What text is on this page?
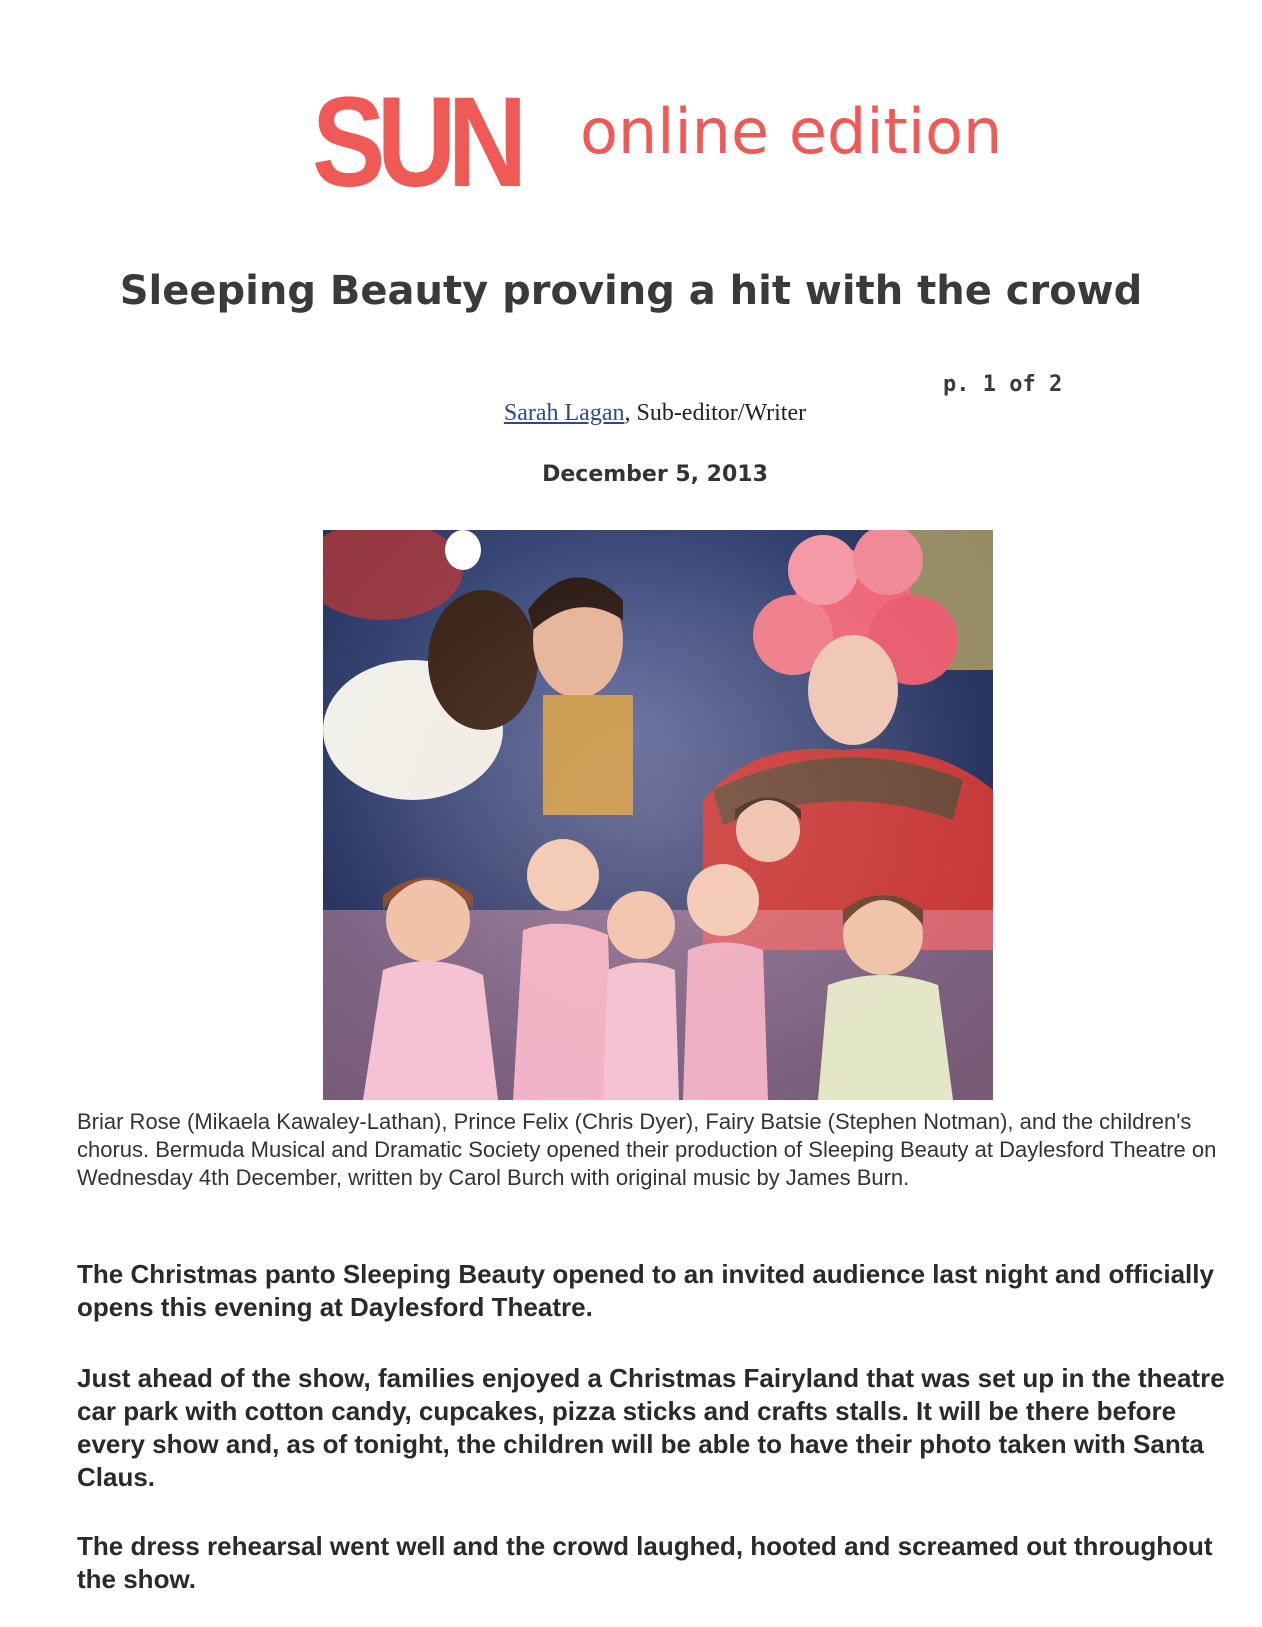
SUN online edition
Sleeping Beauty proving a hit with the crowd
p. 1 of 2
Sarah Lagan, Sub-editor/Writer
December 5, 2013

Briar Rose (Mikaela Kawaley-Lathan), Prince Felix (Chris Dyer), Fairy Batsie (Stephen Notman), and the children's chorus. Bermuda Musical and Dramatic Society opened their production of Sleeping Beauty at Daylesford Theatre on Wednesday 4th December, written by Carol Burch with original music by James Burn.

The Christmas panto Sleeping Beauty opened to an invited audience last night and officially opens this evening at Daylesford Theatre.

Just ahead of the show, families enjoyed a Christmas Fairyland that was set up in the theatre car park with cotton candy, cupcakes, pizza sticks and crafts stalls. It will be there before every show and, as of tonight, the children will be able to have their photo taken with Santa Claus.

The dress rehearsal went well and the crowd laughed, hooted and screamed out throughout the show.
